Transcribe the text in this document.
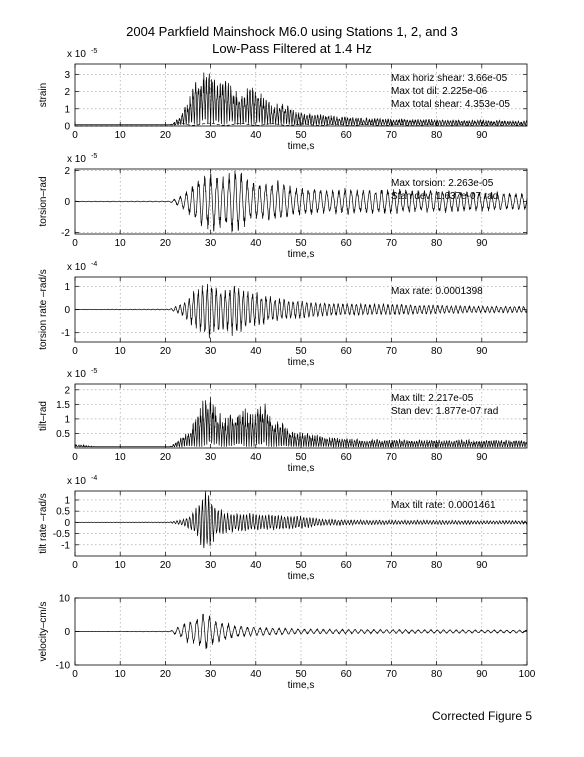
2004 Parkfield Mainshock M6.0 using Stations 1, 2, and 3
Low-Pass Filtered at 1.4 Hz
0	10	20	30	40	50	60	70	80	90
0
1
2
3
time,s
strain
x 10 -5
Max horiz shear: 3.66e-05
Max tot dil: 2.225e-06
Max total shear: 4.353e-05
0	10	20	30	40	50	60	70	80	90
-2
0
2
time,s
torsion–rad
x 10 -5
Max torsion: 2.263e-05
Stan dev: 1.637e-07 rad
0	10	20	30	40	50	60	70	80	90
-1
0
1
time,s
torsion rate –rad/s
x 10 -4
Max rate: 0.0001398
0	10	20	30	40	50	60	70	80	90
0.5
1
1.5
2
time,s
tilt–rad
x 10 -5
Max tilt: 2.217e-05
Stan dev: 1.877e-07 rad
0	10	20	30	40	50	60	70	80	90
-1
-0.5
0
0.5
1
time,s
tilt rate –rad/s
x 10 -4
Max tilt rate: 0.0001461
0	10	20	30	40	50	60	70	80	90	100
-10
0
10
time,s
velocity–cm/s
Corrected Figure 5
